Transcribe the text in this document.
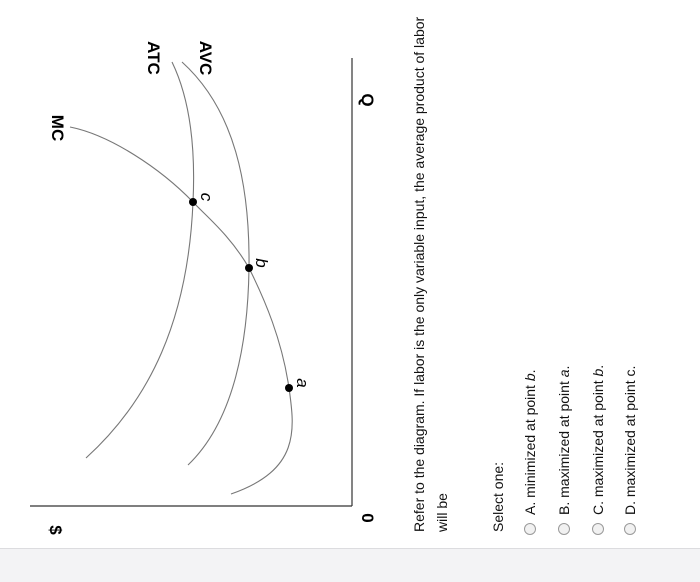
$
0
Q
MC
ATC AVC
a
b
c	Refer to the diagram. If labor is the only variable input, the average product of labor will be	Select one: A. minimized at point b.
B. maximized at point a.
C. maximized at point b.
D. maximized at point c.
